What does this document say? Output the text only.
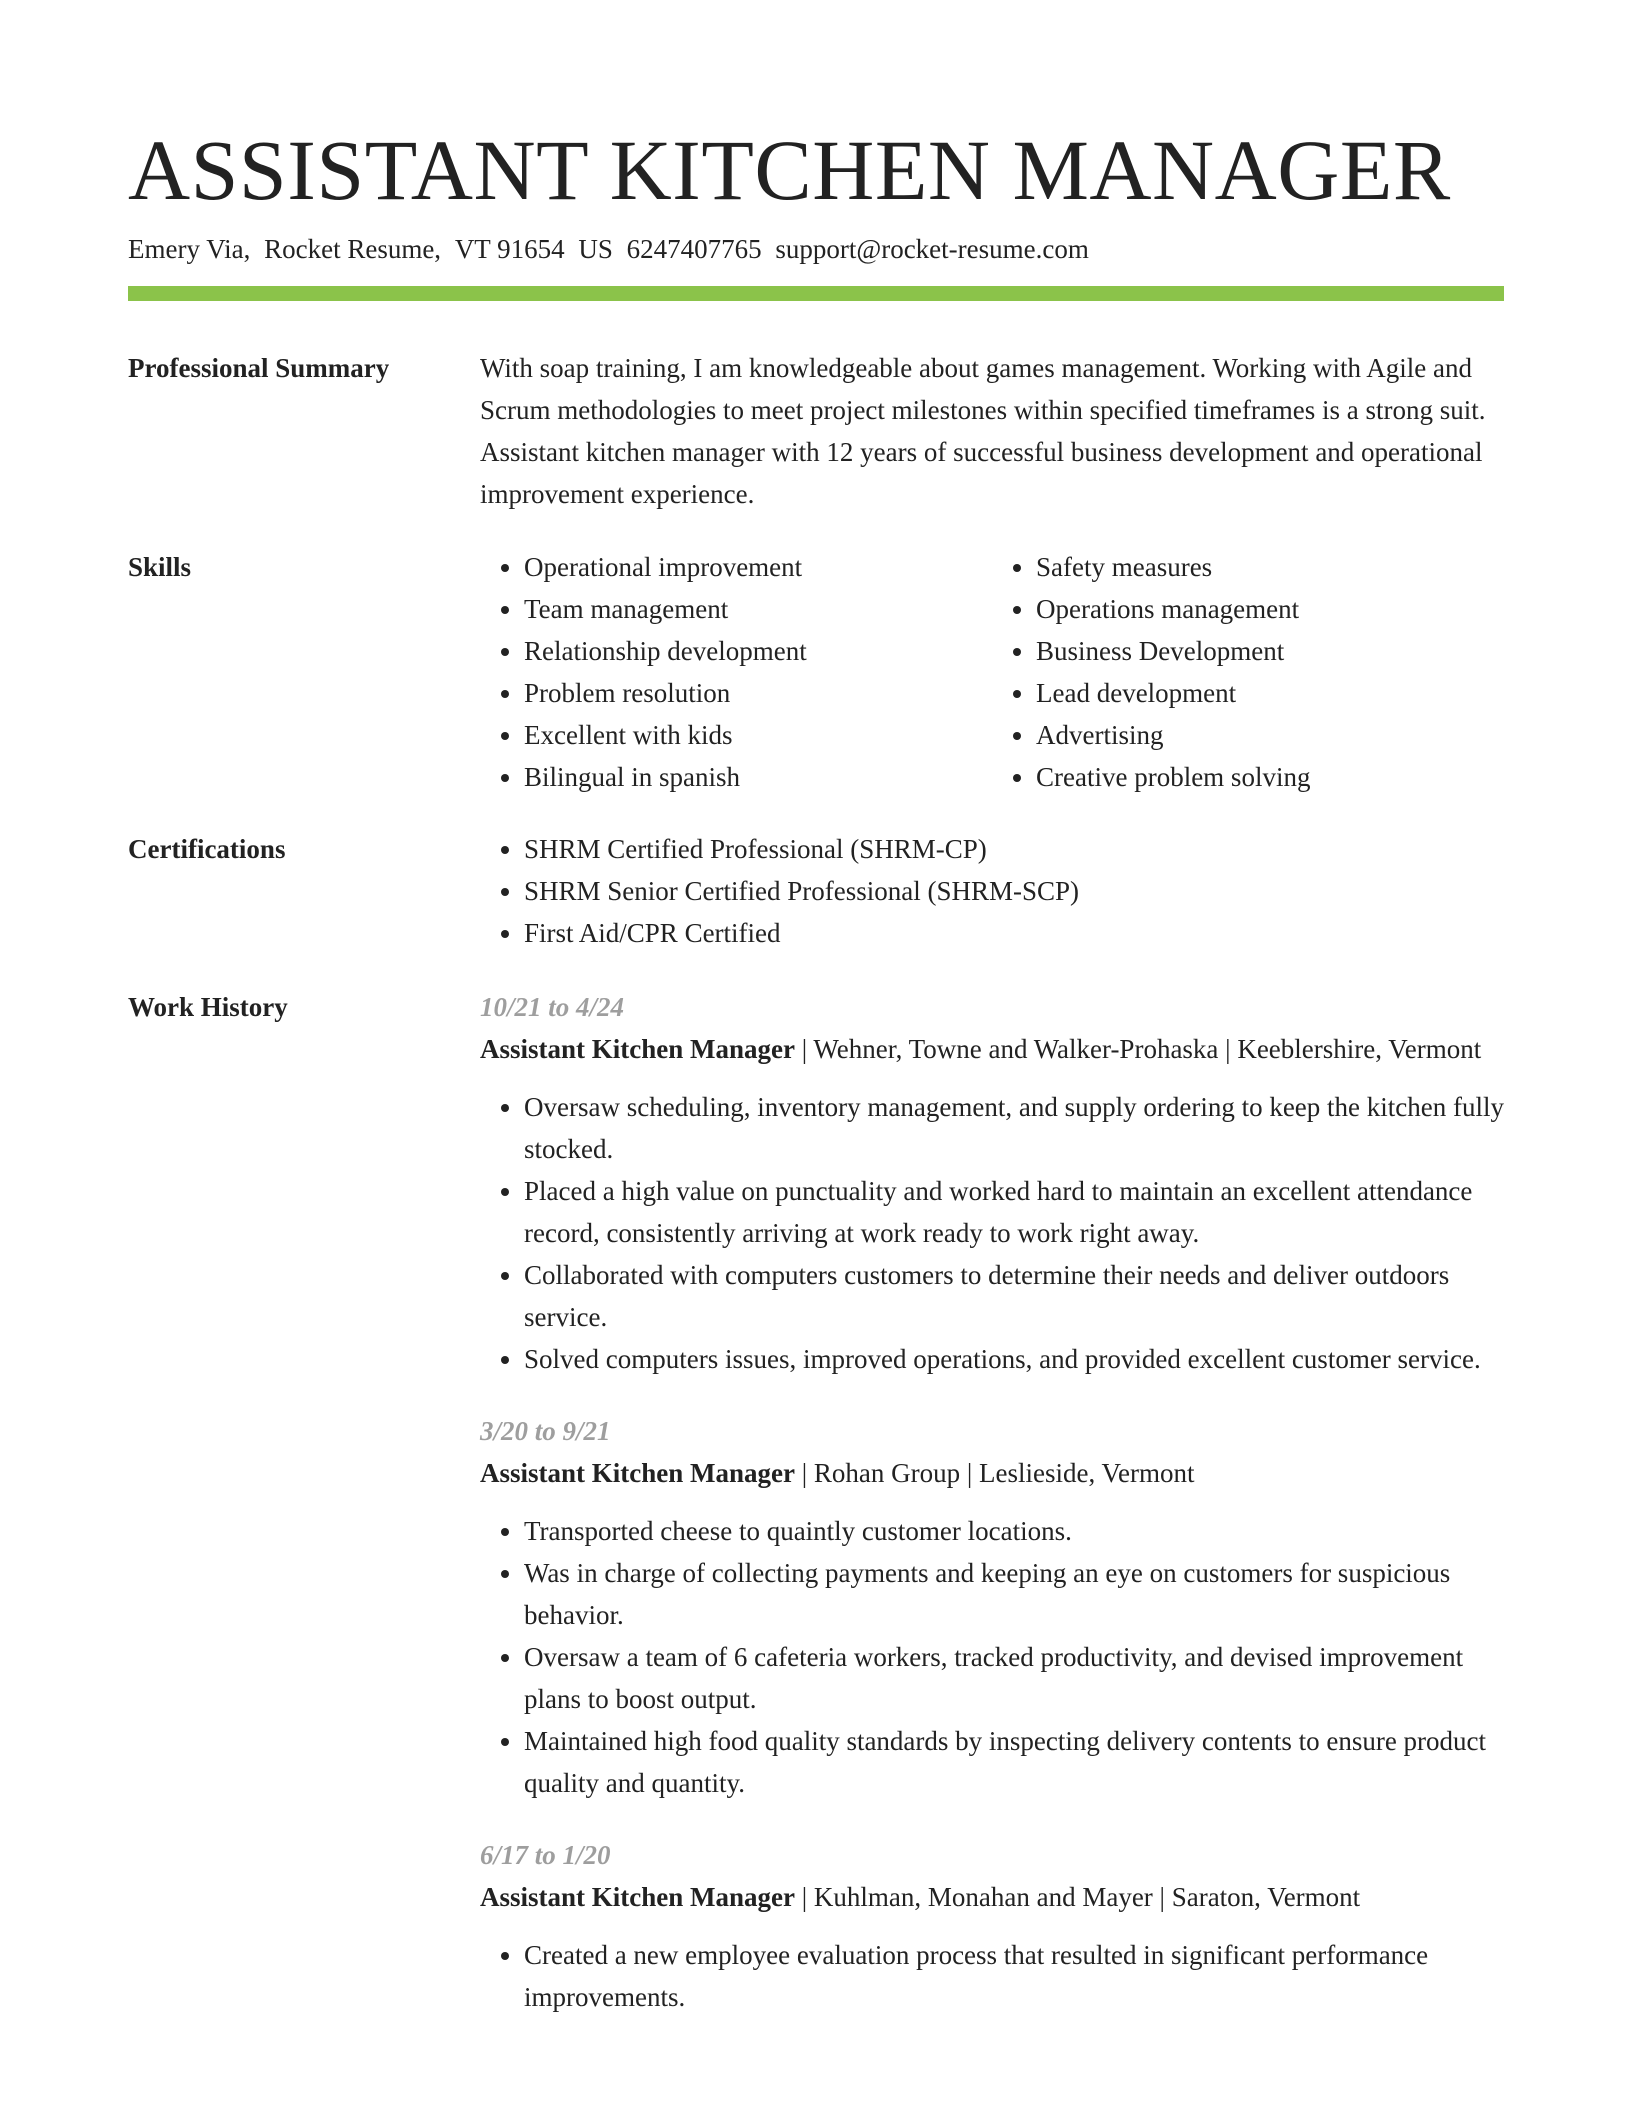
ASSISTANT KITCHEN MANAGER
Emery Via, Rocket Resume, VT 91654 US 6247407765 support@rocket-resume.com
Professional Summary	With soap training, I am knowledgeable about games management. Working with Agile and Scrum methodologies to meet project milestones within specified timeframes is a strong suit. Assistant kitchen manager with 12 years of successful business development and operational improvement experience.

Skills	• Operational improvement
• Team management
• Relationship development
• Problem resolution
• Excellent with kids
• Bilingual in spanish
• Safety measures
• Operations management
• Business Development
• Lead development
• Advertising
• Creative problem solving
Certifications	• SHRM Certified Professional (SHRM-CP)
• SHRM Senior Certified Professional (SHRM-SCP)
• First Aid/CPR Certified
Work History	10/21 to 4/24

Assistant Kitchen Manager | Wehner, Towne and Walker-Prohaska | Keeblershire, Vermont

• Oversaw scheduling, inventory management, and supply ordering to keep the kitchen fully stocked.
• Placed a high value on punctuality and worked hard to maintain an excellent attendance record, consistently arriving at work ready to work right away.
• Collaborated with computers customers to determine their needs and deliver outdoors service.
• Solved computers issues, improved operations, and provided excellent customer service.
3/20 to 9/21

Assistant Kitchen Manager | Rohan Group | Leslieside, Vermont

• Transported cheese to quaintly customer locations.
• Was in charge of collecting payments and keeping an eye on customers for suspicious behavior.
• Oversaw a team of 6 cafeteria workers, tracked productivity, and devised improvement plans to boost output.
• Maintained high food quality standards by inspecting delivery contents to ensure product quality and quantity.
6/17 to 1/20

Assistant Kitchen Manager | Kuhlman, Monahan and Mayer | Saraton, Vermont

• Created a new employee evaluation process that resulted in significant performance improvements.
